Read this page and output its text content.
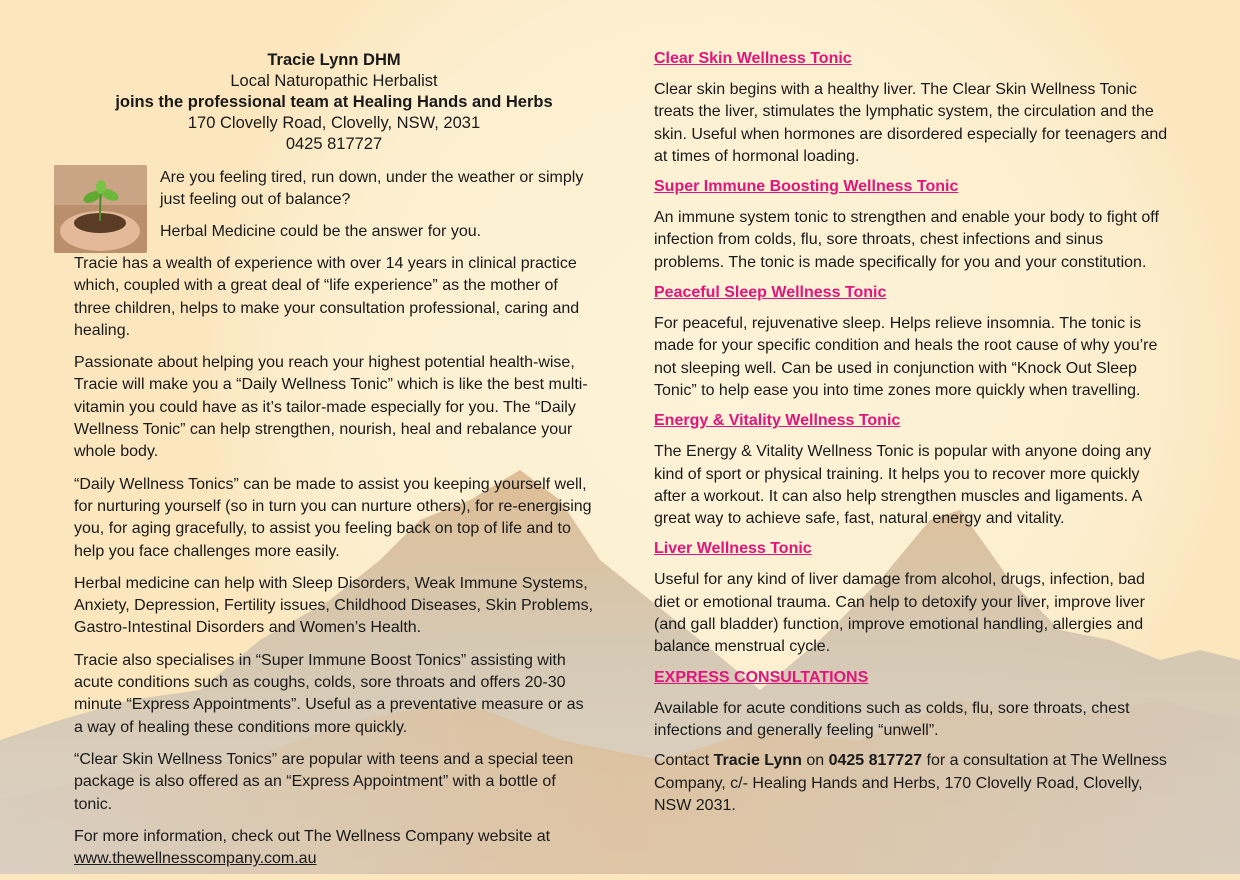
Tracie Lynn DHM
Local Naturopathic Herbalist
joins the professional team at Healing Hands and Herbs
170 Clovelly Road, Clovelly, NSW, 2031
0425 817727

Are you feeling tired, run down, under the weather or simply just feeling out of balance?

Herbal Medicine could be the answer for you.

Tracie has a wealth of experience with over 14 years in clinical practice which, coupled with a great deal of “life experience” as the mother of three children, helps to make your consultation professional, caring and healing.

Passionate about helping you reach your highest potential health-wise, Tracie will make you a “Daily Wellness Tonic” which is like the best multi-vitamin you could have as it’s tailor-made especially for you. The “Daily Wellness Tonic” can help strengthen, nourish, heal and rebalance your whole body.

“Daily Wellness Tonics” can be made to assist you keeping yourself well, for nurturing yourself (so in turn you can nurture others), for re-energising you, for aging gracefully, to assist you feeling back on top of life and to help you face challenges more easily.

Herbal medicine can help with Sleep Disorders, Weak Immune Systems, Anxiety, Depression, Fertility issues, Childhood Diseases, Skin Problems, Gastro-Intestinal Disorders and Women’s Health.

Tracie also specialises in “Super Immune Boost Tonics” assisting with acute conditions such as coughs, colds, sore throats and offers 20-30 minute “Express Appointments”. Useful as a preventative measure or as a way of healing these conditions more quickly.

“Clear Skin Wellness Tonics” are popular with teens and a special teen package is also offered as an “Express Appointment” with a bottle of tonic.

For more information, check out The Wellness Company website at www.thewellnesscompany.com.au

Clear Skin Wellness Tonic

Clear skin begins with a healthy liver. The Clear Skin Wellness Tonic treats the liver, stimulates the lymphatic system, the circulation and the skin. Useful when hormones are disordered especially for teenagers and at times of hormonal loading.

Super Immune Boosting Wellness Tonic

An immune system tonic to strengthen and enable your body to fight off infection from colds, flu, sore throats, chest infections and sinus problems. The tonic is made specifically for you and your constitution.

Peaceful Sleep Wellness Tonic

For peaceful, rejuvenative sleep. Helps relieve insomnia. The tonic is made for your specific condition and heals the root cause of why you’re not sleeping well. Can be used in conjunction with “Knock Out Sleep Tonic” to help ease you into time zones more quickly when travelling.

Energy & Vitality Wellness Tonic

The Energy & Vitality Wellness Tonic is popular with anyone doing any kind of sport or physical training. It helps you to recover more quickly after a workout. It can also help strengthen muscles and ligaments. A great way to achieve safe, fast, natural energy and vitality.

Liver Wellness Tonic

Useful for any kind of liver damage from alcohol, drugs, infection, bad diet or emotional trauma. Can help to detoxify your liver, improve liver (and gall bladder) function, improve emotional handling, allergies and balance menstrual cycle.

EXPRESS CONSULTATIONS

Available for acute conditions such as colds, flu, sore throats, chest infections and generally feeling “unwell”.

Contact Tracie Lynn on 0425 817727 for a consultation at The Wellness Company, c/- Healing Hands and Herbs, 170 Clovelly Road, Clovelly, NSW 2031.
